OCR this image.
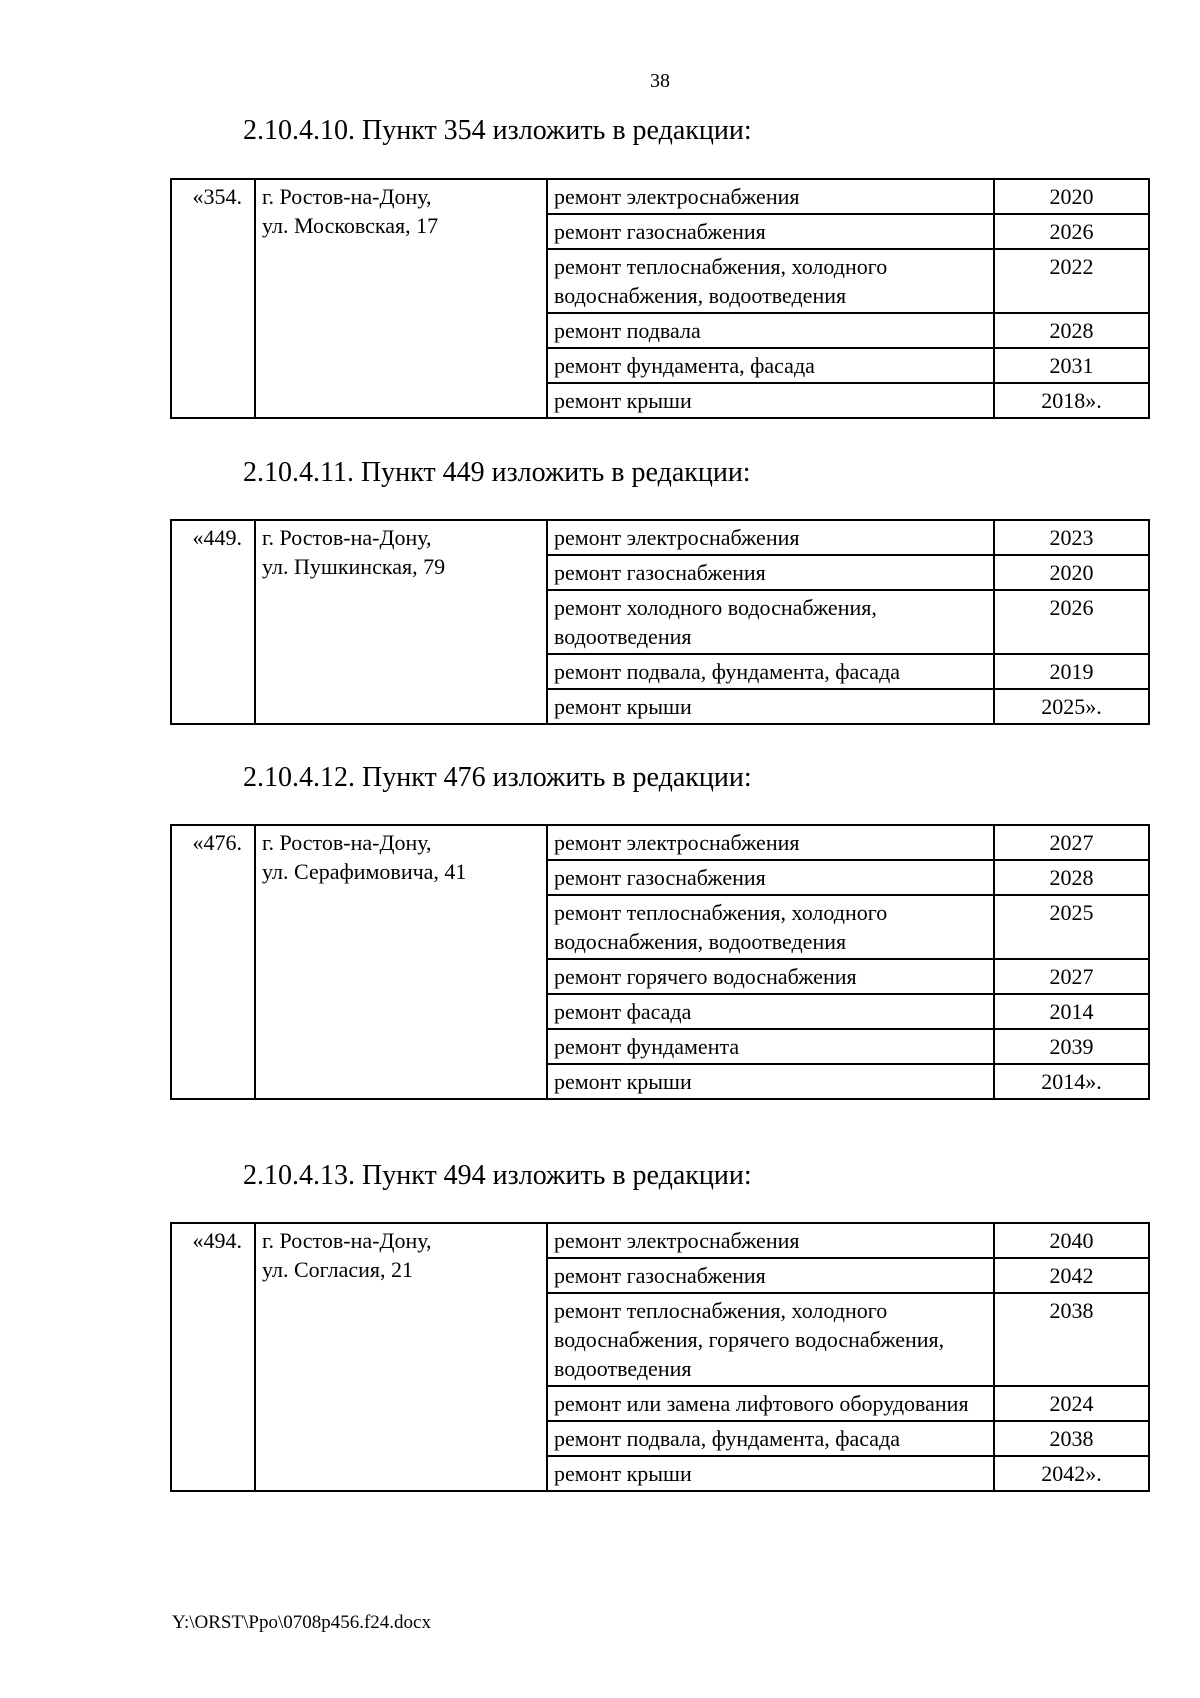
38
2.10.4.10. Пункт 354 изложить в редакции:
«354.	г. Ростов-на-Дону,
ул. Московская, 17	ремонт электроснабжения	2020
		ремонт газоснабжения	2026
		ремонт теплоснабжения, холодного водоснабжения, водоотведения	2022
		ремонт подвала	2028
		ремонт фундамента, фасада	2031
		ремонт крыши	2018».
2.10.4.11. Пункт 449 изложить в редакции:
«449.	г. Ростов-на-Дону,
ул. Пушкинская, 79	ремонт электроснабжения	2023
		ремонт газоснабжения	2020
		ремонт холодного водоснабжения, водоотведения	2026
		ремонт подвала, фундамента, фасада	2019
		ремонт крыши	2025».
2.10.4.12. Пункт 476 изложить в редакции:
«476.	г. Ростов-на-Дону,
ул. Серафимовича, 41	ремонт электроснабжения	2027
		ремонт газоснабжения	2028
		ремонт теплоснабжения, холодного водоснабжения, водоотведения	2025
		ремонт горячего водоснабжения	2027
		ремонт фасада	2014
		ремонт фундамента	2039
		ремонт крыши	2014».
2.10.4.13. Пункт 494 изложить в редакции:
«494.	г. Ростов-на-Дону,
ул. Согласия, 21	ремонт электроснабжения	2040
		ремонт газоснабжения	2042
		ремонт теплоснабжения, холодного водоснабжения, горячего водоснабжения, водоотведения	2038
		ремонт или замена лифтового оборудования	2024
		ремонт подвала, фундамента, фасада	2038
		ремонт крыши	2042».
Y:\ORST\Ppo\0708p456.f24.docx
